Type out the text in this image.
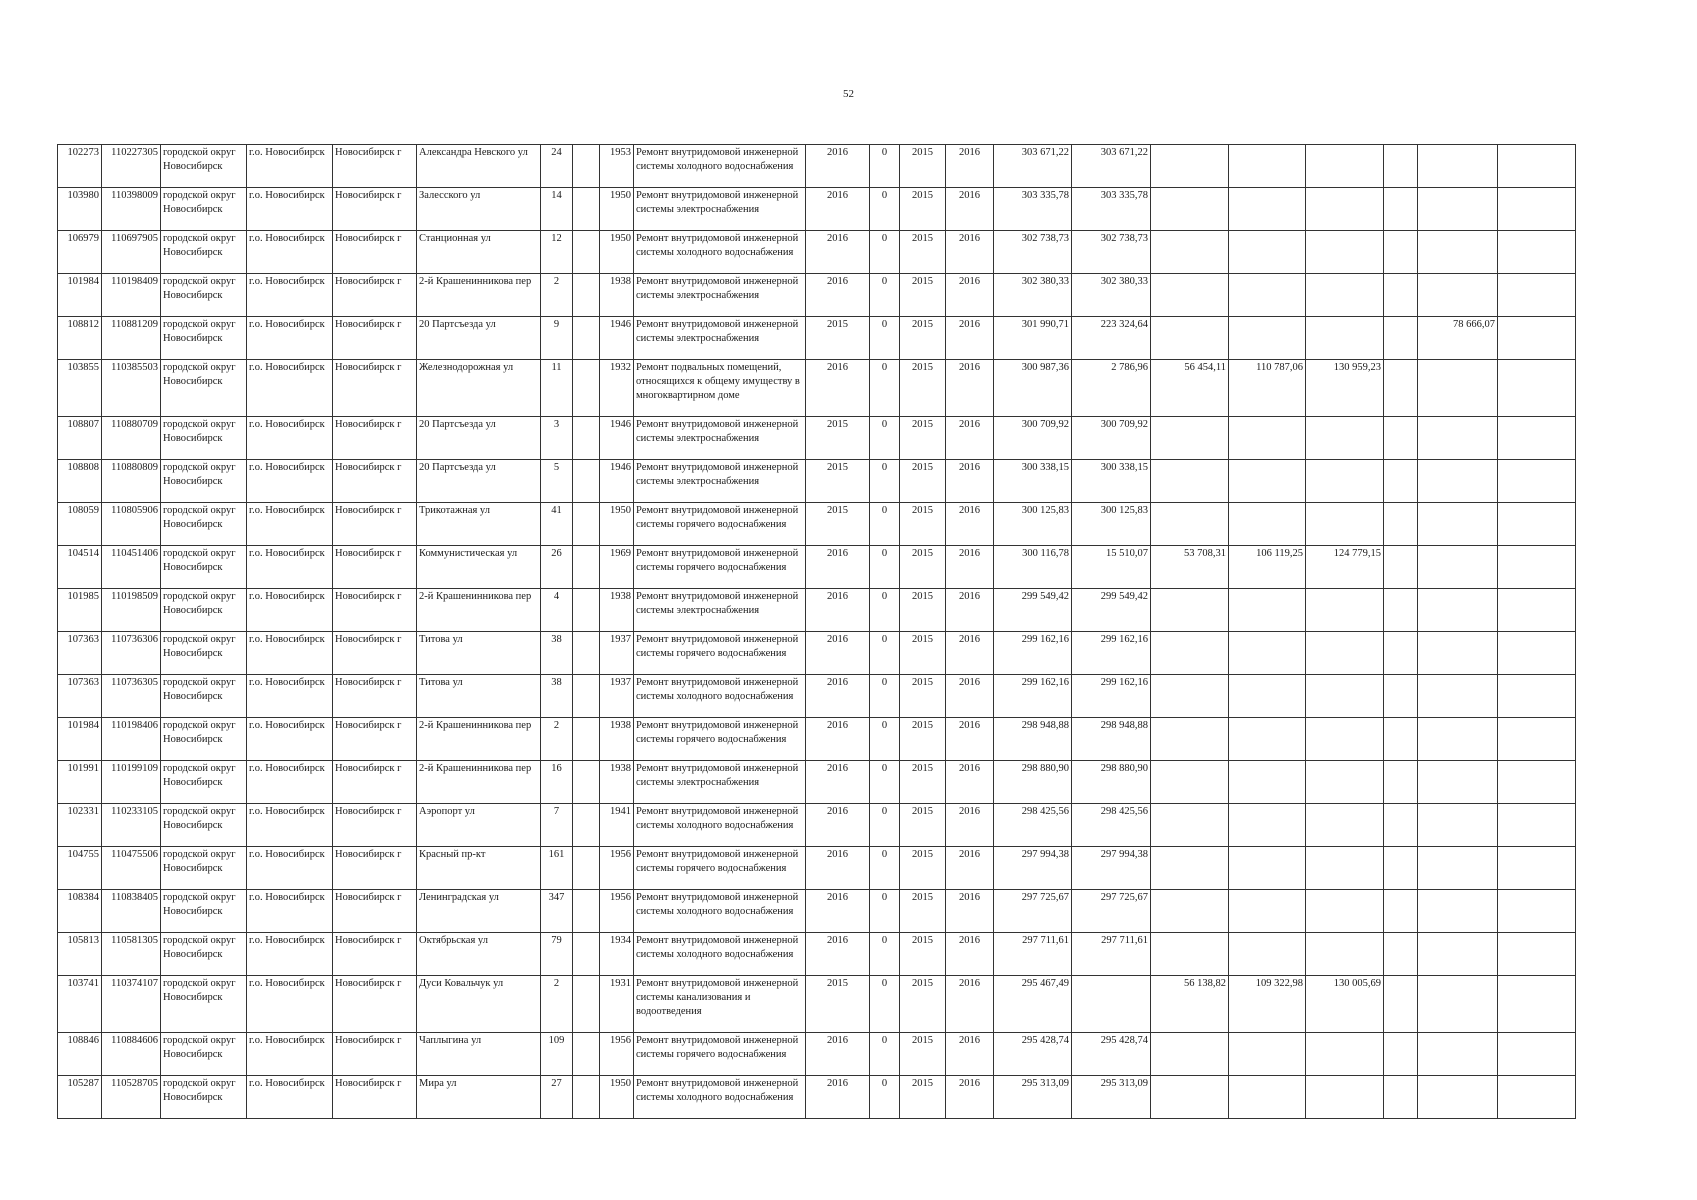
52
102273	110227305	городской округ Новосибирск	г.о. Новосибирск	Новосибирск г	Александра Невского ул	24		1953	Ремонт внутридомовой инженерной системы холодного водоснабжения	2016	0	2015	2016	303 671,22	303 671,22						
103980	110398009	городской округ Новосибирск	г.о. Новосибирск	Новосибирск г	Залесского ул	14		1950	Ремонт внутридомовой инженерной системы электроснабжения	2016	0	2015	2016	303 335,78	303 335,78						
106979	110697905	городской округ Новосибирск	г.о. Новосибирск	Новосибирск г	Станционная ул	12		1950	Ремонт внутридомовой инженерной системы холодного водоснабжения	2016	0	2015	2016	302 738,73	302 738,73						
101984	110198409	городской округ Новосибирск	г.о. Новосибирск	Новосибирск г	2-й Крашенинникова пер	2		1938	Ремонт внутридомовой инженерной системы электроснабжения	2016	0	2015	2016	302 380,33	302 380,33						
108812	110881209	городской округ Новосибирск	г.о. Новосибирск	Новосибирск г	20 Партсъезда ул	9		1946	Ремонт внутридомовой инженерной системы электроснабжения	2015	0	2015	2016	301 990,71	223 324,64					78 666,07	
103855	110385503	городской округ Новосибирск	г.о. Новосибирск	Новосибирск г	Железнодорожная ул	11		1932	Ремонт подвальных помещений, относящихся к общему имуществу в многоквартирном доме	2016	0	2015	2016	300 987,36	2 786,96	56 454,11	110 787,06	130 959,23			
108807	110880709	городской округ Новосибирск	г.о. Новосибирск	Новосибирск г	20 Партсъезда ул	3		1946	Ремонт внутридомовой инженерной системы электроснабжения	2015	0	2015	2016	300 709,92	300 709,92						
108808	110880809	городской округ Новосибирск	г.о. Новосибирск	Новосибирск г	20 Партсъезда ул	5		1946	Ремонт внутридомовой инженерной системы электроснабжения	2015	0	2015	2016	300 338,15	300 338,15						
108059	110805906	городской округ Новосибирск	г.о. Новосибирск	Новосибирск г	Трикотажная ул	41		1950	Ремонт внутридомовой инженерной системы горячего водоснабжения	2015	0	2015	2016	300 125,83	300 125,83						
104514	110451406	городской округ Новосибирск	г.о. Новосибирск	Новосибирск г	Коммунистическая ул	26		1969	Ремонт внутридомовой инженерной системы горячего водоснабжения	2016	0	2015	2016	300 116,78	15 510,07	53 708,31	106 119,25	124 779,15			
101985	110198509	городской округ Новосибирск	г.о. Новосибирск	Новосибирск г	2-й Крашенинникова пер	4		1938	Ремонт внутридомовой инженерной системы электроснабжения	2016	0	2015	2016	299 549,42	299 549,42						
107363	110736306	городской округ Новосибирск	г.о. Новосибирск	Новосибирск г	Титова ул	38		1937	Ремонт внутридомовой инженерной системы горячего водоснабжения	2016	0	2015	2016	299 162,16	299 162,16						
107363	110736305	городской округ Новосибирск	г.о. Новосибирск	Новосибирск г	Титова ул	38		1937	Ремонт внутридомовой инженерной системы холодного водоснабжения	2016	0	2015	2016	299 162,16	299 162,16						
101984	110198406	городской округ Новосибирск	г.о. Новосибирск	Новосибирск г	2-й Крашенинникова пер	2		1938	Ремонт внутридомовой инженерной системы горячего водоснабжения	2016	0	2015	2016	298 948,88	298 948,88						
101991	110199109	городской округ Новосибирск	г.о. Новосибирск	Новосибирск г	2-й Крашенинникова пер	16		1938	Ремонт внутридомовой инженерной системы электроснабжения	2016	0	2015	2016	298 880,90	298 880,90						
102331	110233105	городской округ Новосибирск	г.о. Новосибирск	Новосибирск г	Аэропорт ул	7		1941	Ремонт внутридомовой инженерной системы холодного водоснабжения	2016	0	2015	2016	298 425,56	298 425,56						
104755	110475506	городской округ Новосибирск	г.о. Новосибирск	Новосибирск г	Красный пр-кт	161		1956	Ремонт внутридомовой инженерной системы горячего водоснабжения	2016	0	2015	2016	297 994,38	297 994,38						
108384	110838405	городской округ Новосибирск	г.о. Новосибирск	Новосибирск г	Ленинградская ул	347		1956	Ремонт внутридомовой инженерной системы холодного водоснабжения	2016	0	2015	2016	297 725,67	297 725,67						
105813	110581305	городской округ Новосибирск	г.о. Новосибирск	Новосибирск г	Октябрьская ул	79		1934	Ремонт внутридомовой инженерной системы холодного водоснабжения	2016	0	2015	2016	297 711,61	297 711,61						
103741	110374107	городской округ Новосибирск	г.о. Новосибирск	Новосибирск г	Дуси Ковальчук ул	2		1931	Ремонт внутридомовой инженерной системы канализования и водоотведения	2015	0	2015	2016	295 467,49		56 138,82	109 322,98	130 005,69			
108846	110884606	городской округ Новосибирск	г.о. Новосибирск	Новосибирск г	Чаплыгина ул	109		1956	Ремонт внутридомовой инженерной системы горячего водоснабжения	2016	0	2015	2016	295 428,74	295 428,74						
105287	110528705	городской округ Новосибирск	г.о. Новосибирск	Новосибирск г	Мира ул	27		1950	Ремонт внутридомовой инженерной системы холодного водоснабжения	2016	0	2015	2016	295 313,09	295 313,09						
